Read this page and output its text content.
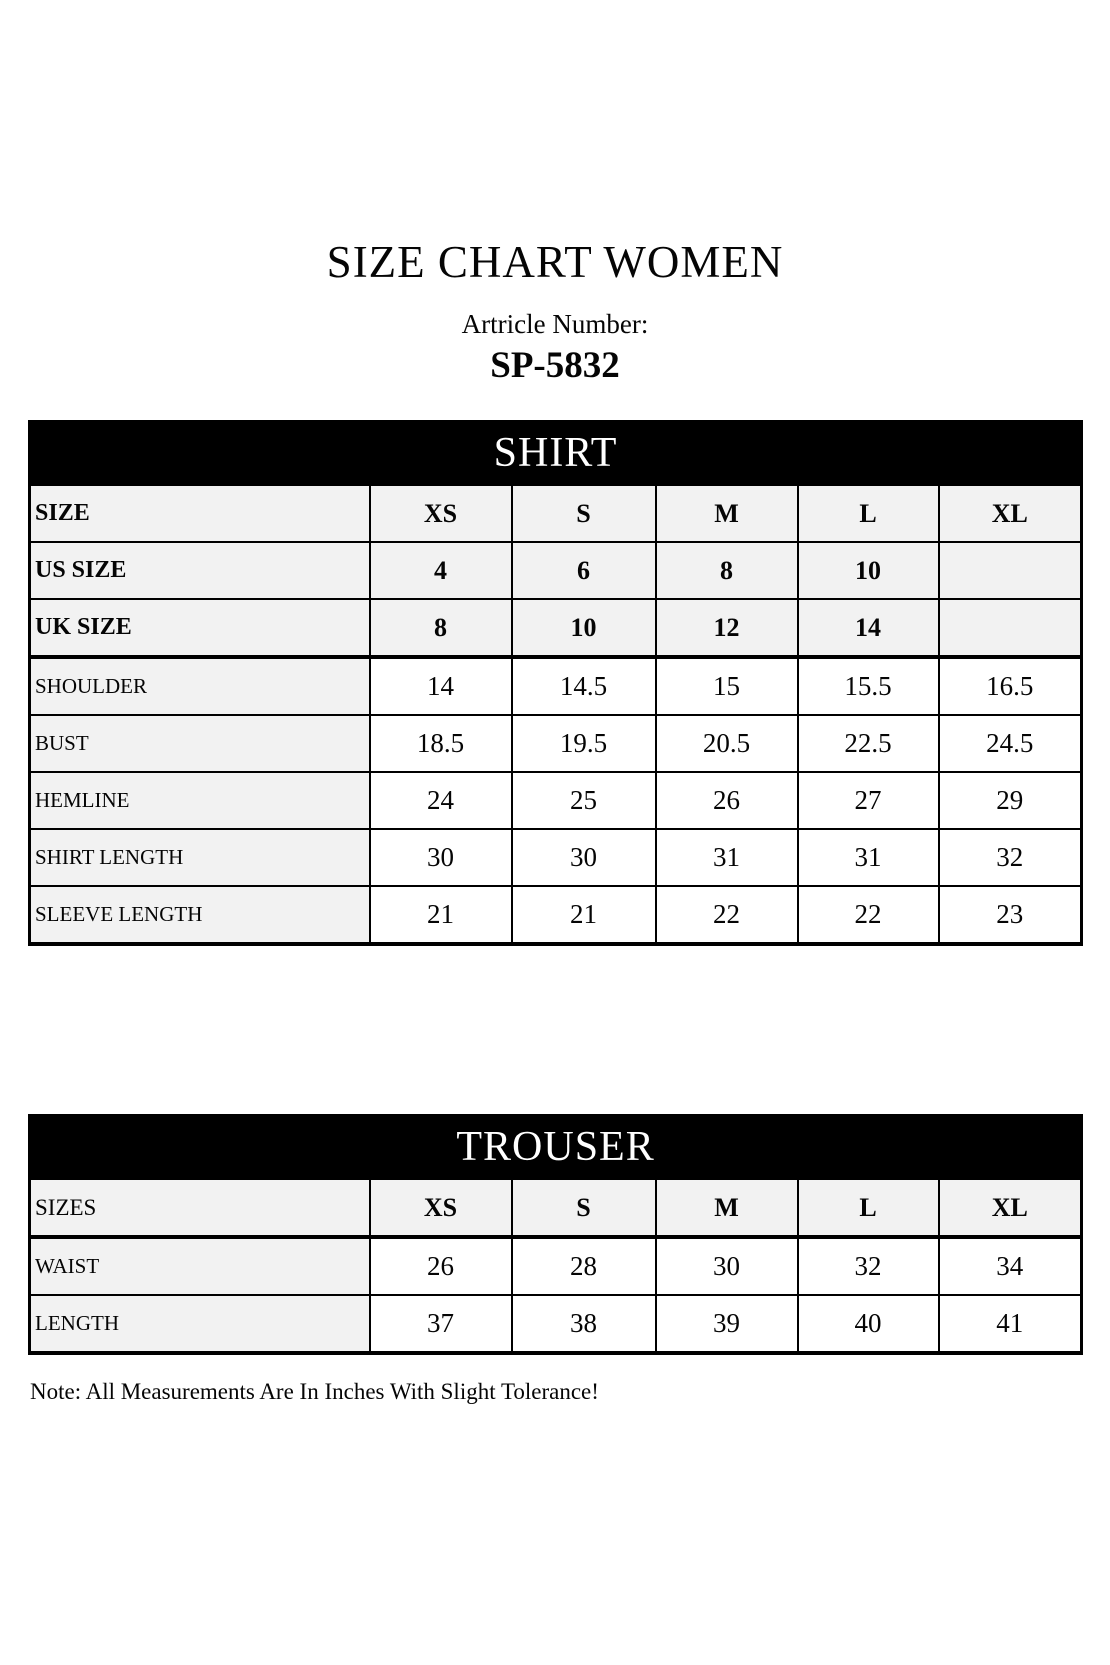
SIZE CHART WOMEN
Artricle Number:
SP-5832
SHIRT					
SIZE	XS	S	M	L	XL
US SIZE	4	6	8	10	
UK SIZE	8	10	12	14	
SHOULDER	14	14.5	15	15.5	16.5
BUST	18.5	19.5	20.5	22.5	24.5
HEMLINE	24	25	26	27	29
SHIRT LENGTH	30	30	31	31	32
SLEEVE LENGTH	21	21	22	22	23
TROUSER					
SIZES	XS	S	M	L	XL
WAIST	26	28	30	32	34
LENGTH	37	38	39	40	41
Note: All Measurements Are In Inches With Slight Tolerance!
